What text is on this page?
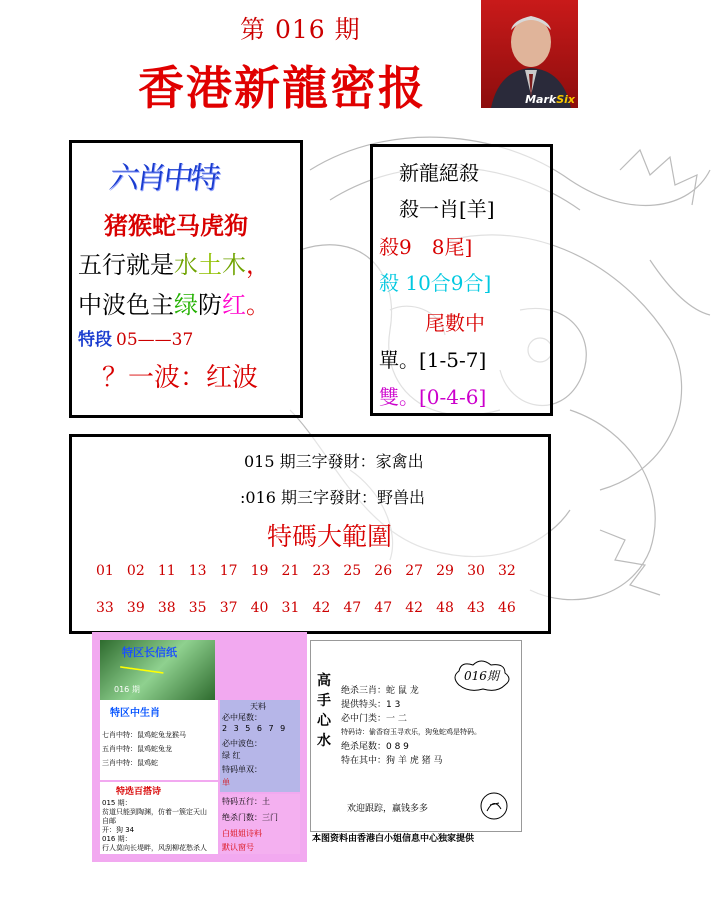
第 016 期
香港新龍密报	MarkSix
六肖中特
猪猴蛇马虎狗
五行就是水土木，
中波色主绿防红。
特段 05——37
？一波：红波
新龍絕殺
殺一肖[羊]
殺9　8尾]
殺 10合9合]
尾數中
單。[1-5-7]
雙。[0-4-6]
015 期三字發財：家禽出
:016 期三字發財：野兽出
特碼大範圍
01 02 11 13 17 19 21 23 25 26 27 29 30 32
33 39 38 35 37 40 31 42 47 47 42 48 43 46
特区长信纸
━━━━━━━━
016 期
特区中生肖
七肖中特：鼠鸡蛇兔龙猴马
五肖中特：鼠鸡蛇兔龙
三肖中特：鼠鸡蛇
特选百搭诗
015 期：
贫道只能到陶渊，仿着一簇定天山
自邮
开：狗 34
016 期：
行人莫向长堤畔，风刮柳花愁杀人
天料
必中尾数：
2 3 5 6 7 9
必中波色：
绿 红
特码单双：
单
特码五行：土
绝杀门数：三门
白姐姐诗料
默认窗号
016期
高
手
心
水
绝杀三肖：蛇 鼠 龙
提供特头：1 3
必中门类：一 二
特码诗：偷香窃玉寻欢乐，狗兔蛇鸡是特码。
绝杀尾数：0 8 9
特在其中：狗 羊 虎 猪 马
欢迎跟踪，赢钱多多
本图资料由香港白小姐信息中心独家提供
